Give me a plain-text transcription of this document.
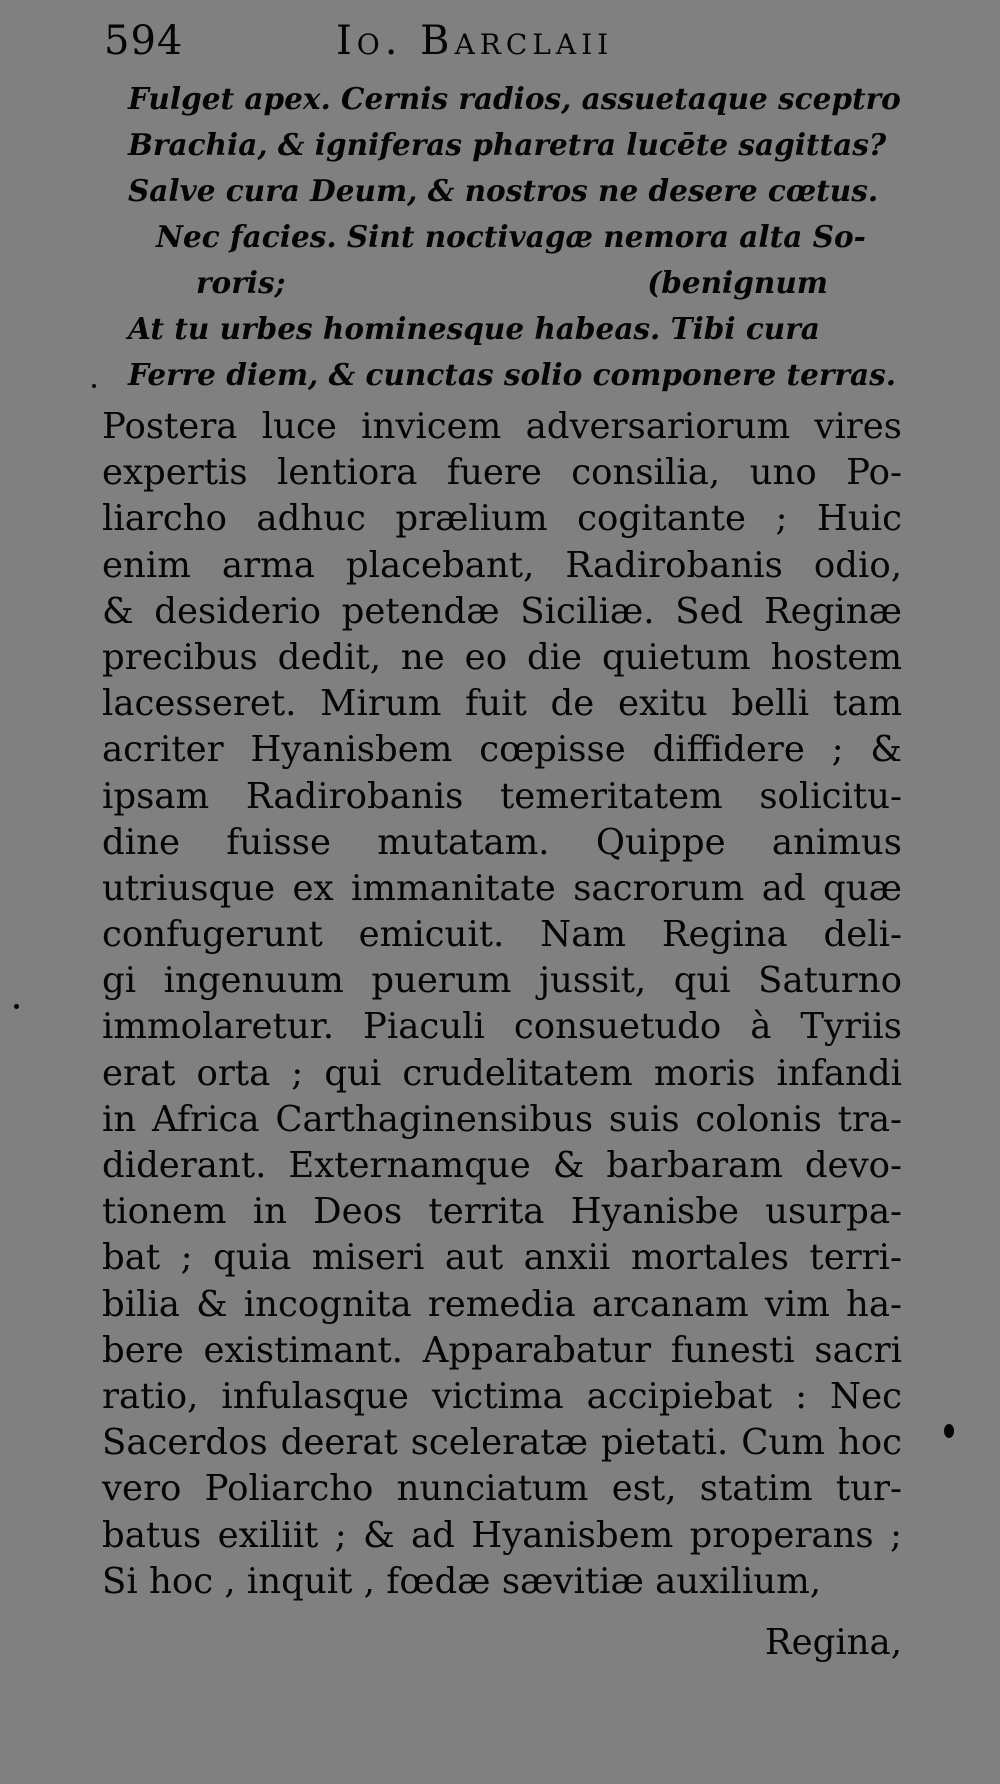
594	Io. Barclaii
Fulget apex. Cernis radios, assuetaque sceptro
Brachia, & igniferas pharetra lucēte sagittas?
Salve cura Deum, & nostros ne desere cœtus.
Nec facies. Sint noctivagæ nemora alta So-
roris;	(benignum
At tu urbes hominesque habeas. Tibi cura
Ferre diem, & cunctas solio componere terras.
Postera luce invicem adversariorum vires
expertis lentiora fuere consilia, uno Po-
liarcho adhuc prælium cogitante ; Huic
enim arma placebant, Radirobanis odio,
& desiderio petendæ Siciliæ. Sed Reginæ
precibus dedit, ne eo die quietum hostem
lacesseret. Mirum fuit de exitu belli tam
acriter Hyanisbem cœpisse diffidere ; &
ipsam Radirobanis temeritatem solicitu-
dine fuisse mutatam. Quippe animus
utriusque ex immanitate sacrorum ad quæ
confugerunt emicuit. Nam Regina deli-
gi ingenuum puerum jussit, qui Saturno
immolaretur. Piaculi consuetudo à Tyriis
erat orta ; qui crudelitatem moris infandi
in Africa Carthaginensibus suis colonis tra-
diderant. Externamque & barbaram devo-
tionem in Deos territa Hyanisbe usurpa-
bat ; quia miseri aut anxii mortales terri-
bilia & incognita remedia arcanam vim ha-
bere existimant. Apparabatur funesti sacri
ratio, infulasque victima accipiebat : Nec
Sacerdos deerat sceleratæ pietati. Cum hoc
vero Poliarcho nunciatum est, statim tur-
batus exiliit ; & ad Hyanisbem properans ;
Si hoc , inquit , fœdæ sævitiæ auxilium,
Regina,
